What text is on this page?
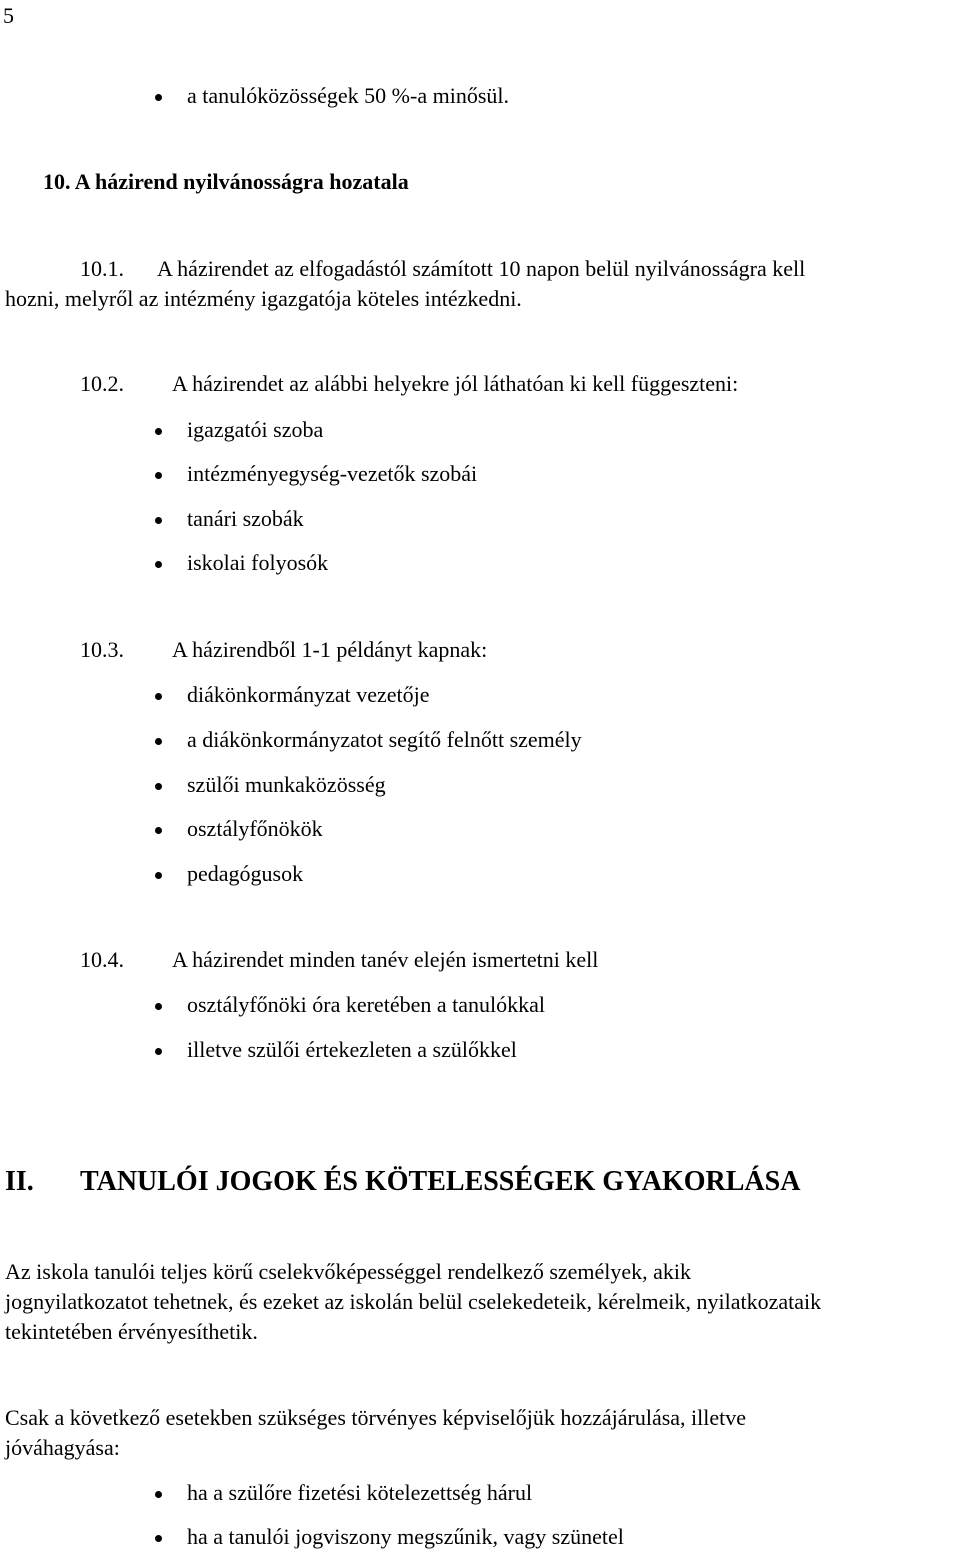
5
a tanulóközösségek 50 %-a minősül.
10. A házirend nyilvánosságra hozatala
10.1. A házirendet az elfogadástól számított 10 napon belül nyilvánosságra kell
hozni, melyről az intézmény igazgatója köteles intézkedni.
10.2. A házirendet az alábbi helyekre jól láthatóan ki kell függeszteni:
igazgatói szoba
intézményegység-vezetők szobái
tanári szobák
iskolai folyosók
10.3. A házirendből 1-1 példányt kapnak:
diákönkormányzat vezetője
a diákönkormányzatot segítő felnőtt személy
szülői munkaközösség
osztályfőnökök
pedagógusok
10.4. A házirendet minden tanév elején ismertetni kell
osztályfőnöki óra keretében a tanulókkal
illetve szülői értekezleten a szülőkkel
II. TANULÓI JOGOK ÉS KÖTELESSÉGEK GYAKORLÁSA
Az iskola tanulói teljes körű cselekvőképességgel rendelkező személyek, akik
jognyilatkozatot tehetnek, és ezeket az iskolán belül cselekedeteik, kérelmeik, nyilatkozataik
tekintetében érvényesíthetik.
Csak a következő esetekben szükséges törvényes képviselőjük hozzájárulása, illetve
jóváhagyása:
ha a szülőre fizetési kötelezettség hárul
ha a tanulói jogviszony megszűnik, vagy szünetel
